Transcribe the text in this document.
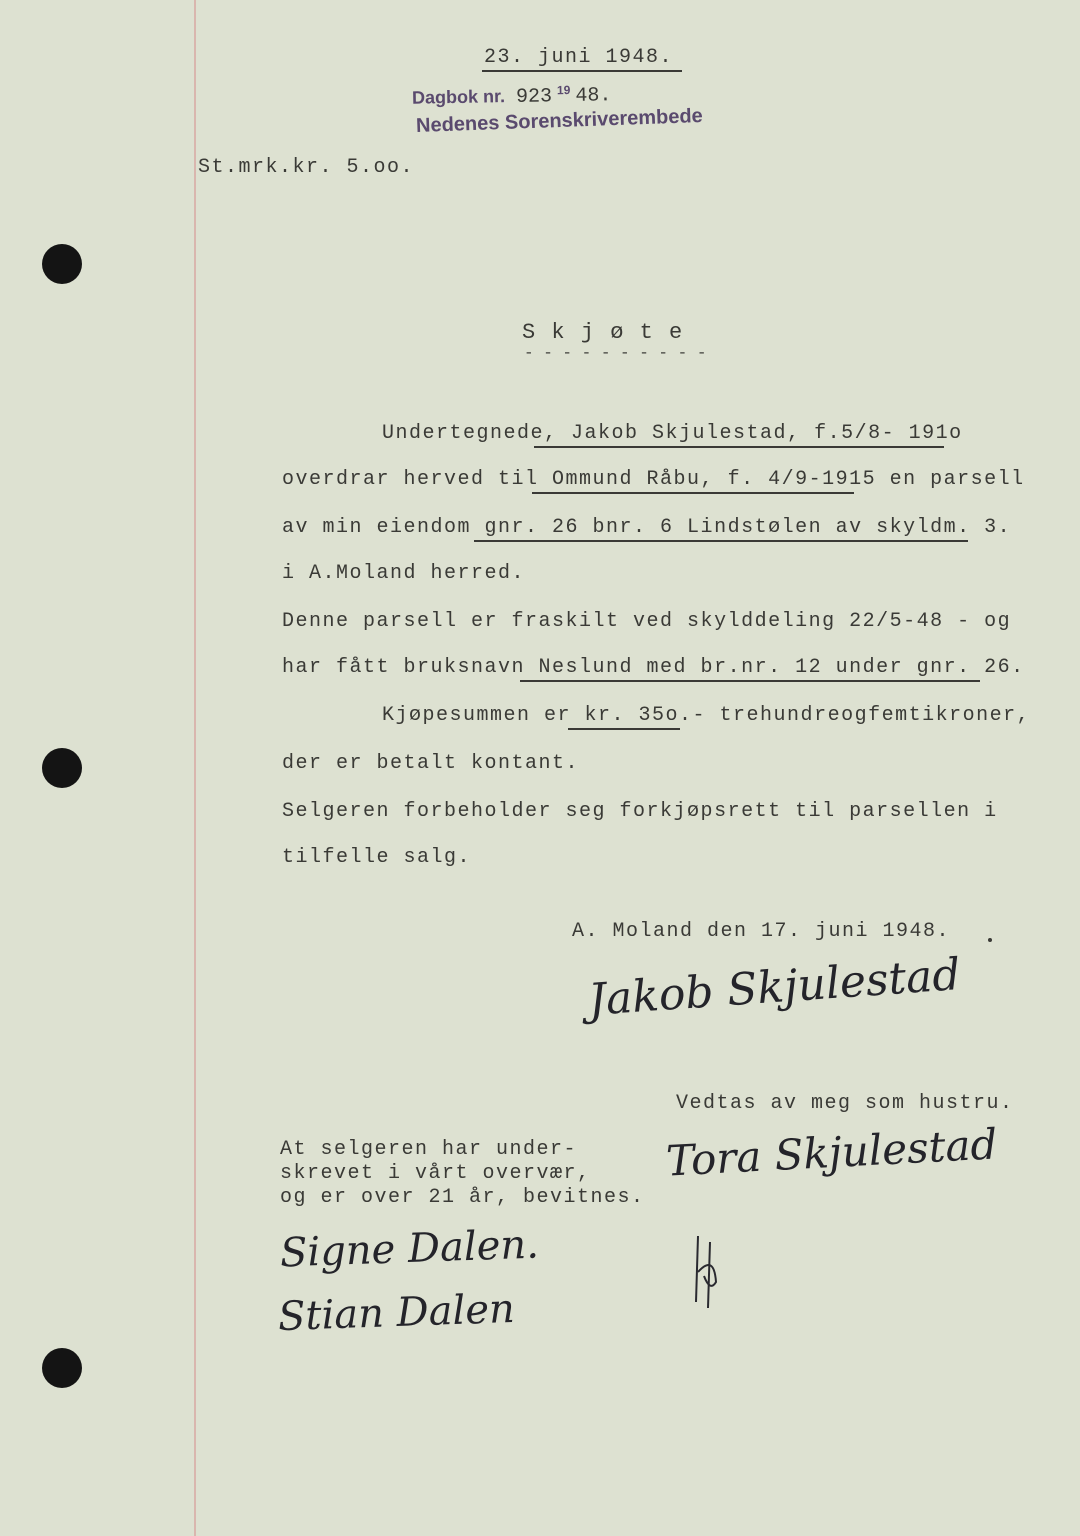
23. juni 1948.
Dagbok nr. 923 $^{19}$ 48.
Nedenes Sorenskriverembede
St.mrk.kr. 5.oo.
S k j ø t e
- - - - - - - - - -
Undertegnede, Jakob Skjulestad, f.5/8- 191o
overdrar herved til Ommund Råbu, f. 4/9-1915 en parsell
av min eiendom gnr. 26 bnr. 6 Lindstølen av skyldm. 3.
i A.Moland herred.
Denne parsell er fraskilt ved skylddeling 22/5-48 - og
har fått bruksnavn Neslund med br.nr. 12 under gnr. 26.
Kjøpesummen er kr. 35o.- trehundreogfemtikroner,
der er betalt kontant.
Selgeren forbeholder seg forkjøpsrett til parsellen i
tilfelle salg.
A. Moland den 17. juni 1948.
Jakob Skjulestad
Vedtas av meg som hustru.
Tora Skjulestad
At selgeren har under-
skrevet i vårt overvær,
og er over 21 år, bevitnes.
Signe Dalen.
Stian Dalen
